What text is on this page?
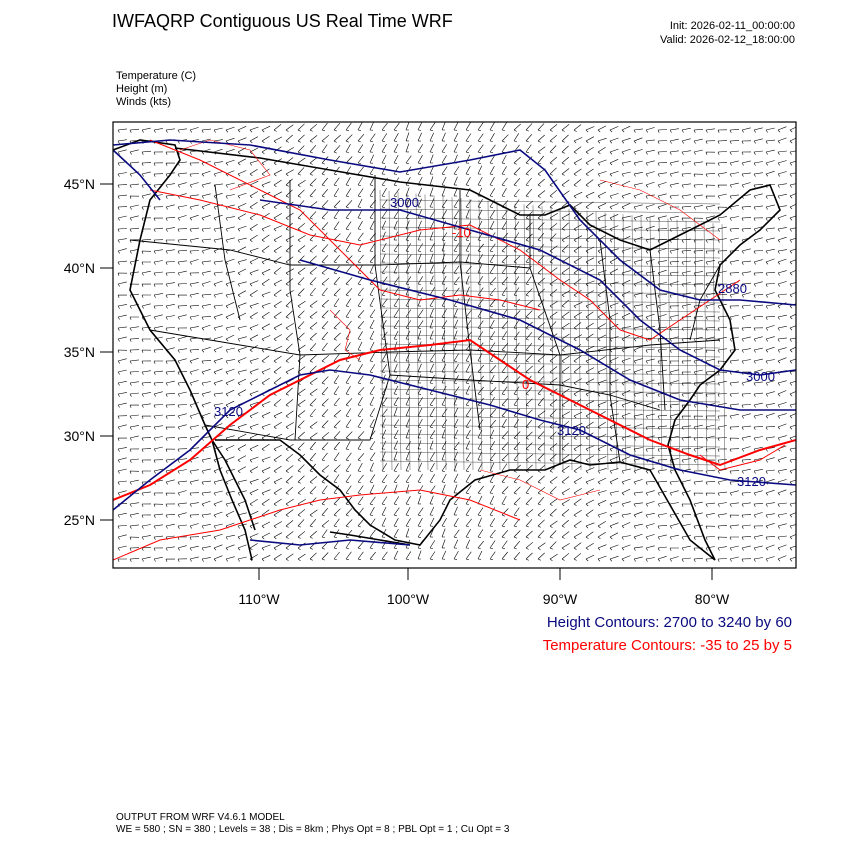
IWFAQRP Contiguous US Real Time WRF	Init: 2026-02-11_00:00:00
Valid: 2026-02-12_18:00:00
Temperature (C)
Height (m)
Winds (kts)
45°N
40°N
35°N
30°N
25°N
110°W	100°W	90°W	80°W
3000
2880
3000
3120
3120
3120
-10
0
Height Contours: 2700 to 3240 by 60
Temperature Contours: -35 to 25 by 5
OUTPUT FROM WRF V4.6.1 MODEL
WE = 580 ; SN = 380 ; Levels = 38 ; Dis = 8km ; Phys Opt = 8 ; PBL Opt = 1 ; Cu Opt = 3
